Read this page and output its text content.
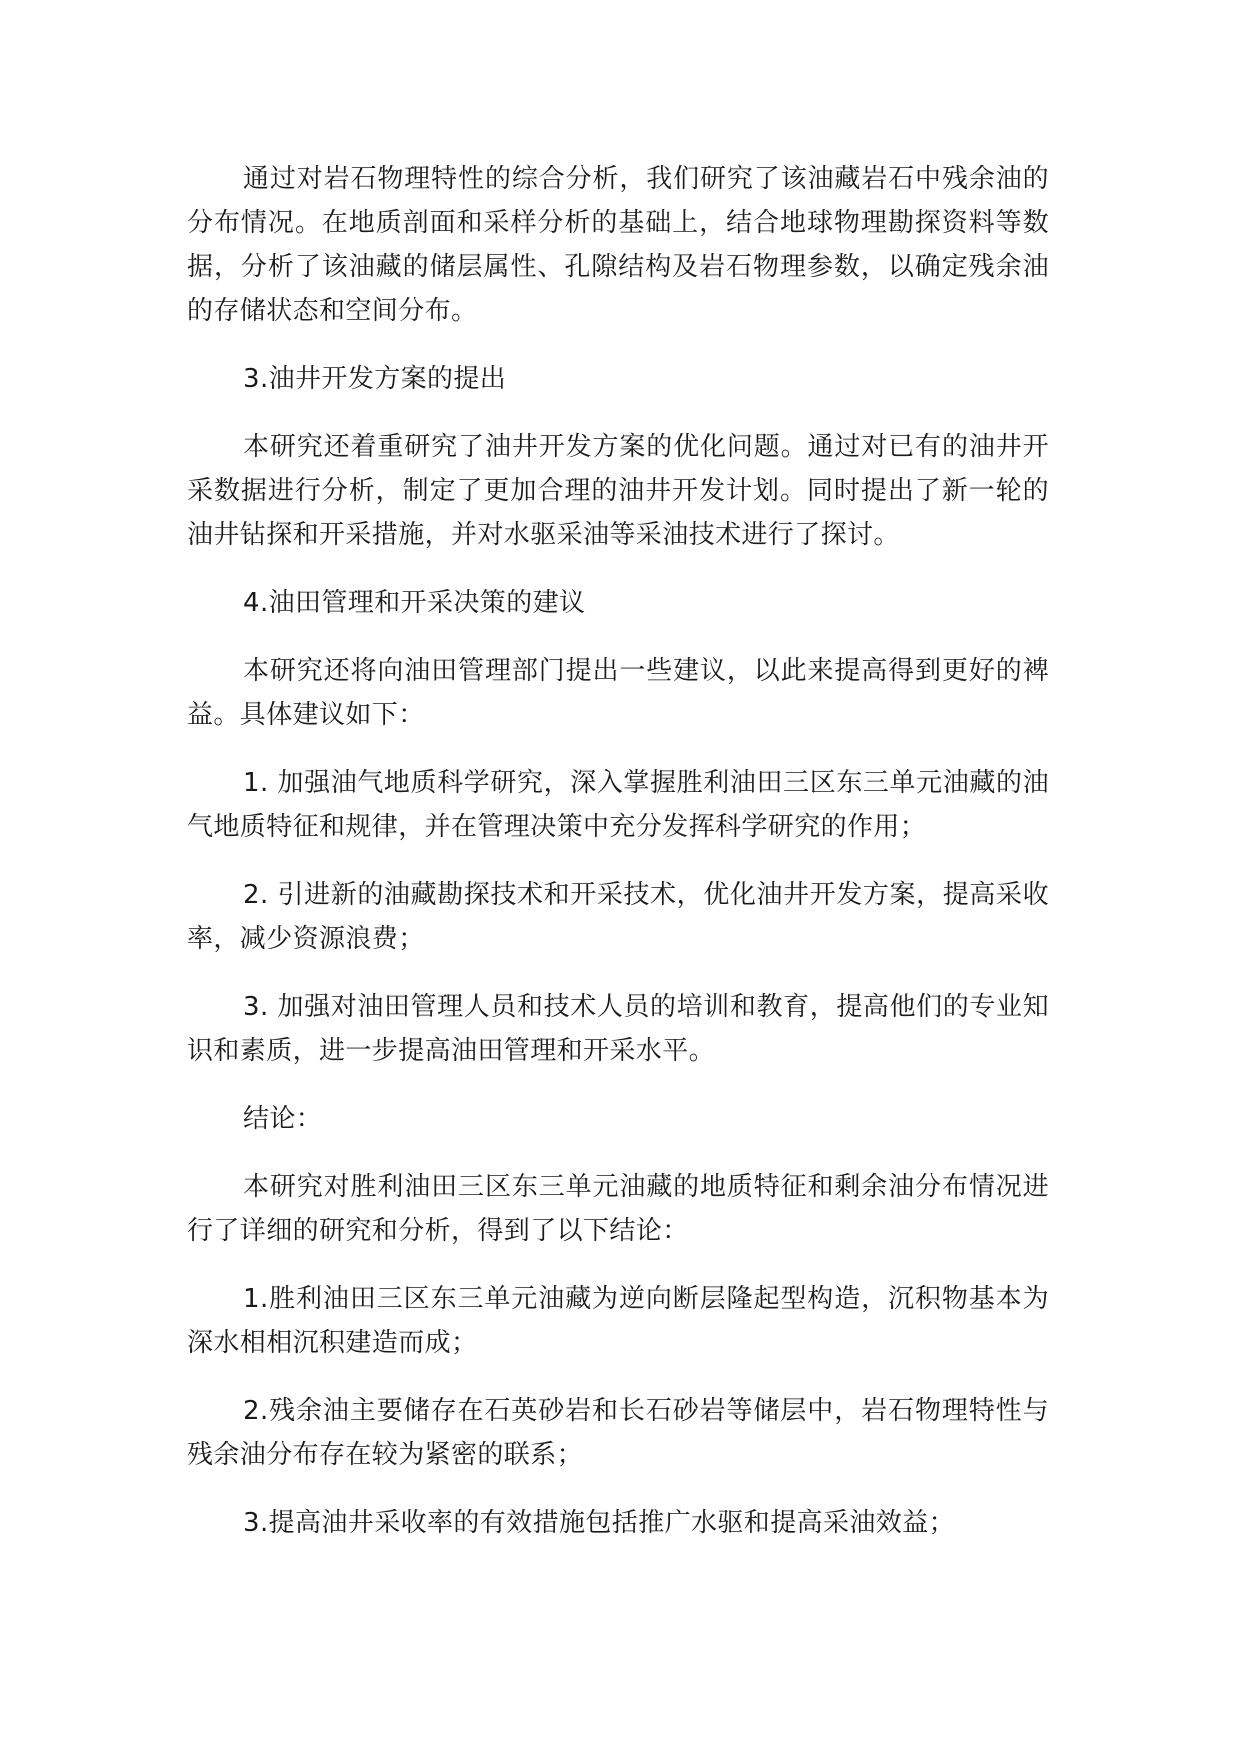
通过对岩石物理特性的综合分析，我们研究了该油藏岩石中残余油的分布情况。在地质剖面和采样分析的基础上，结合地球物理勘探资料等数据，分析了该油藏的储层属性、孔隙结构及岩石物理参数，以确定残余油的存储状态和空间分布。

3.油井开发方案的提出

本研究还着重研究了油井开发方案的优化问题。通过对已有的油井开采数据进行分析，制定了更加合理的油井开发计划。同时提出了新一轮的油井钻探和开采措施，并对水驱采油等采油技术进行了探讨。

4.油田管理和开采决策的建议

本研究还将向油田管理部门提出一些建议，以此来提高得到更好的裨益。具体建议如下：

1. 加强油气地质科学研究，深入掌握胜利油田三区东三单元油藏的油气地质特征和规律，并在管理决策中充分发挥科学研究的作用；

2. 引进新的油藏勘探技术和开采技术，优化油井开发方案，提高采收率，减少资源浪费；

3. 加强对油田管理人员和技术人员的培训和教育，提高他们的专业知识和素质，进一步提高油田管理和开采水平。

结论：

本研究对胜利油田三区东三单元油藏的地质特征和剩余油分布情况进行了详细的研究和分析，得到了以下结论：

1.胜利油田三区东三单元油藏为逆向断层隆起型构造，沉积物基本为深水相相沉积建造而成；

2.残余油主要储存在石英砂岩和长石砂岩等储层中，岩石物理特性与残余油分布存在较为紧密的联系；

3.提高油井采收率的有效措施包括推广水驱和提高采油效益；
